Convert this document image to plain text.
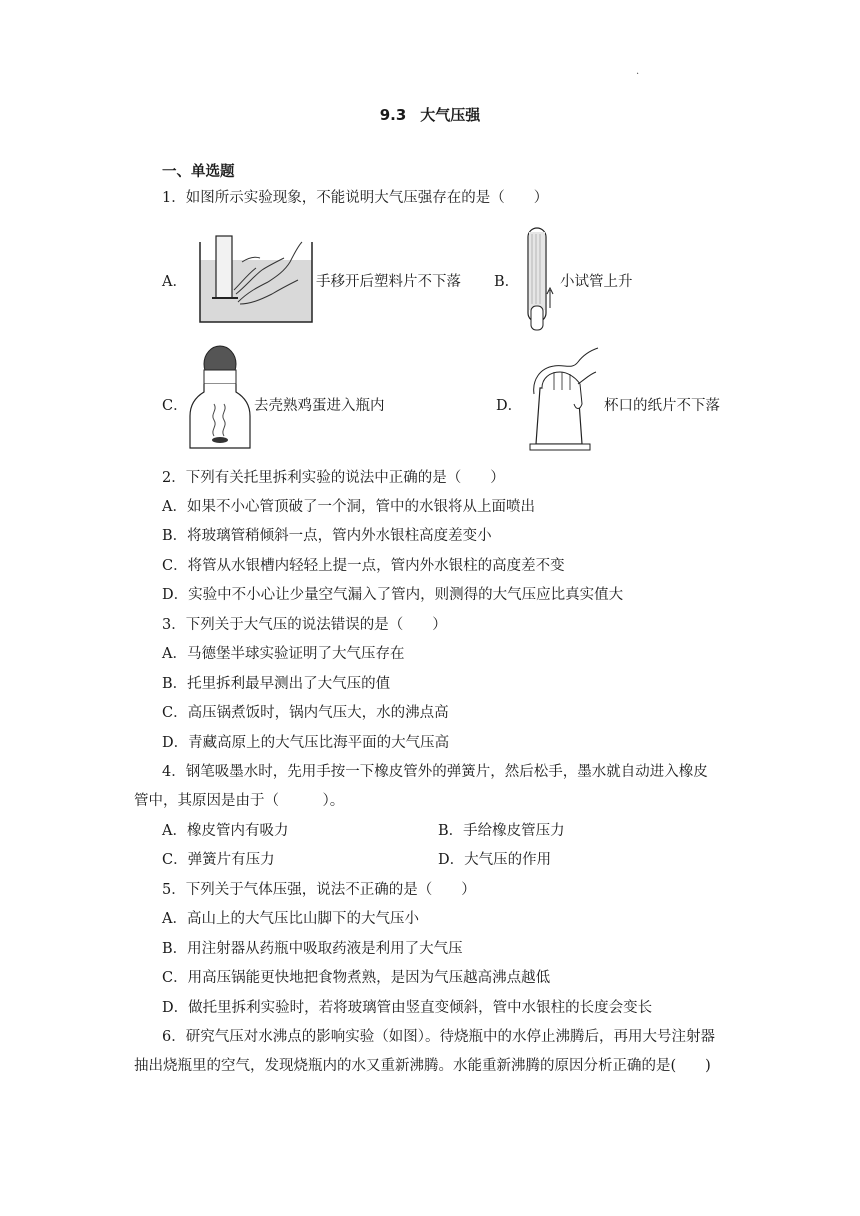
.
9.3 大气压强
一、单选题
1．如图所示实验现象，不能说明大气压强存在的是（　　）
A．	手移开后塑料片不下落 B．	小试管上升
C．	去壳熟鸡蛋进入瓶内	D．	杯口的纸片不下落
2．下列有关托里拆利实验的说法中正确的是（　　）
A．如果不小心管顶破了一个洞，管中的水银将从上面喷出
B．将玻璃管稍倾斜一点，管内外水银柱高度差变小
C．将管从水银槽内轻轻上提一点，管内外水银柱的高度差不变
D．实验中不小心让少量空气漏入了管内，则测得的大气压应比真实值大
3．下列关于大气压的说法错误的是（　　）
A．马德堡半球实验证明了大气压存在
B．托里拆利最早测出了大气压的值
C．高压锅煮饭时，锅内气压大，水的沸点高
D．青藏高原上的大气压比海平面的大气压高
4．钢笔吸墨水时，先用手按一下橡皮管外的弹簧片，然后松手，墨水就自动进入橡皮
管中，其原因是由于（　　　）。
A．橡皮管内有吸力	B．手给橡皮管压力
C．弹簧片有压力	D．大气压的作用
5．下列关于气体压强，说法不正确的是（　　）
A．高山上的大气压比山脚下的大气压小
B．用注射器从药瓶中吸取药液是利用了大气压
C．用高压锅能更快地把食物煮熟，是因为气压越高沸点越低
D．做托里拆利实验时，若将玻璃管由竖直变倾斜，管中水银柱的长度会变长
6．研究气压对水沸点的影响实验（如图）。待烧瓶中的水停止沸腾后，再用大号注射器
抽出烧瓶里的空气，发现烧瓶内的水又重新沸腾。水能重新沸腾的原因分析正确的是(　　)
